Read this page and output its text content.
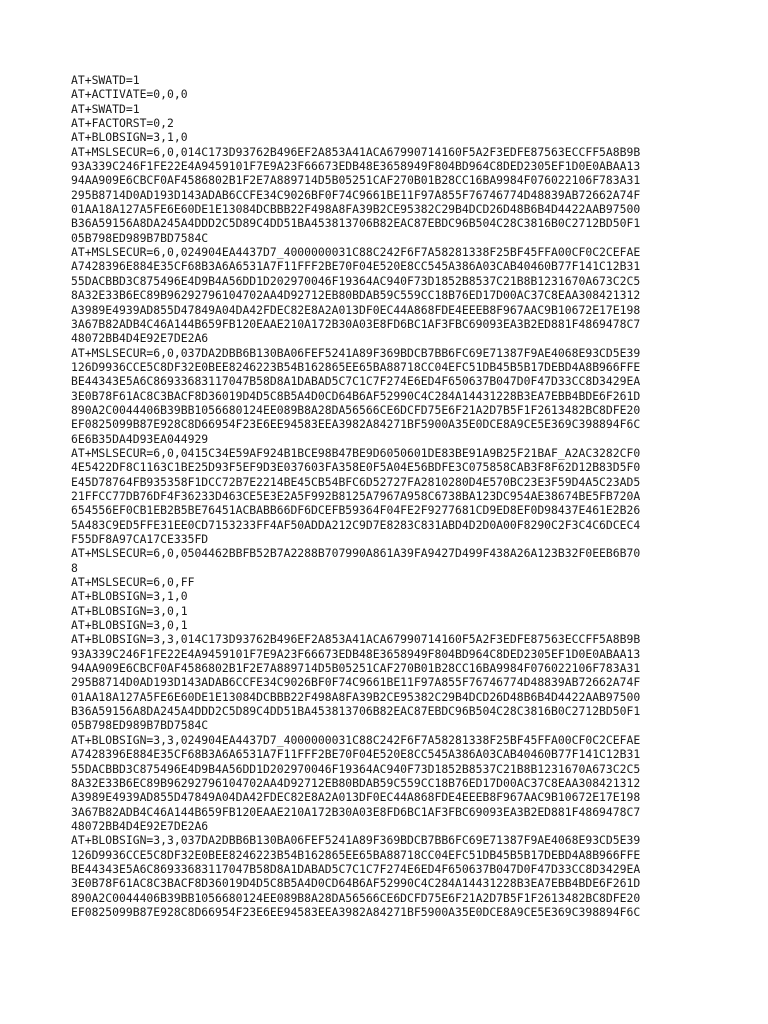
AT+SWATD=1
AT+ACTIVATE=0,0,0
AT+SWATD=1
AT+FACTORST=0,2
AT+BLOBSIGN=3,1,0
AT+MSLSECUR=6,0,014C173D93762B496EF2A853A41ACA67990714160F5A2F3EDFE87563ECCFF5A8B9B
93A339C246F1FE22E4A9459101F7E9A23F66673EDB48E3658949F804BD964C8DED2305EF1D0E0ABAA13
94AA909E6CBCF0AF4586802B1F2E7A889714D5B05251CAF270B01B28CC16BA9984F076022106F783A31
295B8714D0AD193D143ADAB6CCFE34C9026BF0F74C9661BE11F97A855F76746774D48839AB72662A74F
01AA18A127A5FE6E60DE1E13084DCBBB22F498A8FA39B2CE95382C29B4DCD26D48B6B4D4422AAB97500
B36A59156A8DA245A4DDD2C5D89C4DD51BA453813706B82EAC87EBDC96B504C28C3816B0C2712BD50F1
05B798ED989B7BD7584C
AT+MSLSECUR=6,0,024904EA4437D7_4000000031C88C242F6F7A58281338F25BF45FFA00CF0C2CEFAE
A7428396E884E35CF68B3A6A6531A7F11FFF2BE70F04E520E8CC545A386A03CAB40460B77F141C12B31
55DACBBD3C875496E4D9B4A56DD1D202970046F19364AC940F73D1852B8537C21B8B1231670A673C2C5
8A32E33B6EC89B96292796104702AA4D92712EB80BDAB59C559CC18B76ED17D00AC37C8EAA308421312
A3989E4939AD855D47849A04DA42FDEC82E8A2A013DF0EC44A868FDE4EEEB8F967AAC9B10672E17E198
3A67B82ADB4C46A144B659FB120EAAE210A172B30A03E8FD6BC1AF3FBC69093EA3B2ED881F4869478C7
48072BB4D4E92E7DE2A6
AT+MSLSECUR=6,0,037DA2DBB6B130BA06FEF5241A89F369BDCB7BB6FC69E71387F9AE4068E93CD5E39
126D9936CCE5C8DF32E0BEE8246223B54B162865EE65BA88718CC04EFC51DB45B5B17DEBD4A8B966FFE
BE44343E5A6C86933683117047B58D8A1DABAD5C7C1C7F274E6ED4F650637B047D0F47D33CC8D3429EA
3E0B78F61AC8C3BACF8D36019D4D5C8B5A4D0CD64B6AF52990C4C284A14431228B3EA7EBB4BDE6F261D
890A2C0044406B39BB1056680124EE089B8A28DA56566CE6DCFD75E6F21A2D7B5F1F2613482BC8DFE20
EF0825099B87E928C8D66954F23E6EE94583EEA3982A84271BF5900A35E0DCE8A9CE5E369C398894F6C
6E6B35DA4D93EA044929
AT+MSLSECUR=6,0,0415C34E59AF924B1BCE98B47BE9D6050601DE83BE91A9B25F21BAF_A2AC3282CF0
4E5422DF8C1163C1BE25D93F5EF9D3E037603FA358E0F5A04E56BDFE3C075858CAB3F8F62D12B83D5F0
E45D78764FB935358F1DCC72B7E2214BE45CB54BFC6D52727FA2810280D4E570BC23E3F59D4A5C23AD5
21FFCC77DB76DF4F36233D463CE5E3E2A5F992B8125A7967A958C6738BA123DC954AE38674BE5FB720A
654556EF0CB1EB2B5BE76451ACBABB66DF6DCEFB59364F04FE2F9277681CD9ED8EF0D98437E461E2B26
5A483C9ED5FFE31EE0CD7153233FF4AF50ADDA212C9D7E8283C831ABD4D2D0A00F8290C2F3C4C6DCEC4
F55DF8A97CA17CE335FD
AT+MSLSECUR=6,0,0504462BBFB52B7A2288B707990A861A39FA9427D499F438A26A123B32F0EEB6B70
8
AT+MSLSECUR=6,0,FF
AT+BLOBSIGN=3,1,0
AT+BLOBSIGN=3,0,1
AT+BLOBSIGN=3,0,1
AT+BLOBSIGN=3,3,014C173D93762B496EF2A853A41ACA67990714160F5A2F3EDFE87563ECCFF5A8B9B
93A339C246F1FE22E4A9459101F7E9A23F66673EDB48E3658949F804BD964C8DED2305EF1D0E0ABAA13
94AA909E6CBCF0AF4586802B1F2E7A889714D5B05251CAF270B01B28CC16BA9984F076022106F783A31
295B8714D0AD193D143ADAB6CCFE34C9026BF0F74C9661BE11F97A855F76746774D48839AB72662A74F
01AA18A127A5FE6E60DE1E13084DCBBB22F498A8FA39B2CE95382C29B4DCD26D48B6B4D4422AAB97500
B36A59156A8DA245A4DDD2C5D89C4DD51BA453813706B82EAC87EBDC96B504C28C3816B0C2712BD50F1
05B798ED989B7BD7584C
AT+BLOBSIGN=3,3,024904EA4437D7_4000000031C88C242F6F7A58281338F25BF45FFA00CF0C2CEFAE
A7428396E884E35CF68B3A6A6531A7F11FFF2BE70F04E520E8CC545A386A03CAB40460B77F141C12B31
55DACBBD3C875496E4D9B4A56DD1D202970046F19364AC940F73D1852B8537C21B8B1231670A673C2C5
8A32E33B6EC89B96292796104702AA4D92712EB80BDAB59C559CC18B76ED17D00AC37C8EAA308421312
A3989E4939AD855D47849A04DA42FDEC82E8A2A013DF0EC44A868FDE4EEEB8F967AAC9B10672E17E198
3A67B82ADB4C46A144B659FB120EAAE210A172B30A03E8FD6BC1AF3FBC69093EA3B2ED881F4869478C7
48072BB4D4E92E7DE2A6
AT+BLOBSIGN=3,3,037DA2DBB6B130BA06FEF5241A89F369BDCB7BB6FC69E71387F9AE4068E93CD5E39
126D9936CCE5C8DF32E0BEE8246223B54B162865EE65BA88718CC04EFC51DB45B5B17DEBD4A8B966FFE
BE44343E5A6C86933683117047B58D8A1DABAD5C7C1C7F274E6ED4F650637B047D0F47D33CC8D3429EA
3E0B78F61AC8C3BACF8D36019D4D5C8B5A4D0CD64B6AF52990C4C284A14431228B3EA7EBB4BDE6F261D
890A2C0044406B39BB1056680124EE089B8A28DA56566CE6DCFD75E6F21A2D7B5F1F2613482BC8DFE20
EF0825099B87E928C8D66954F23E6EE94583EEA3982A84271BF5900A35E0DCE8A9CE5E369C398894F6C
